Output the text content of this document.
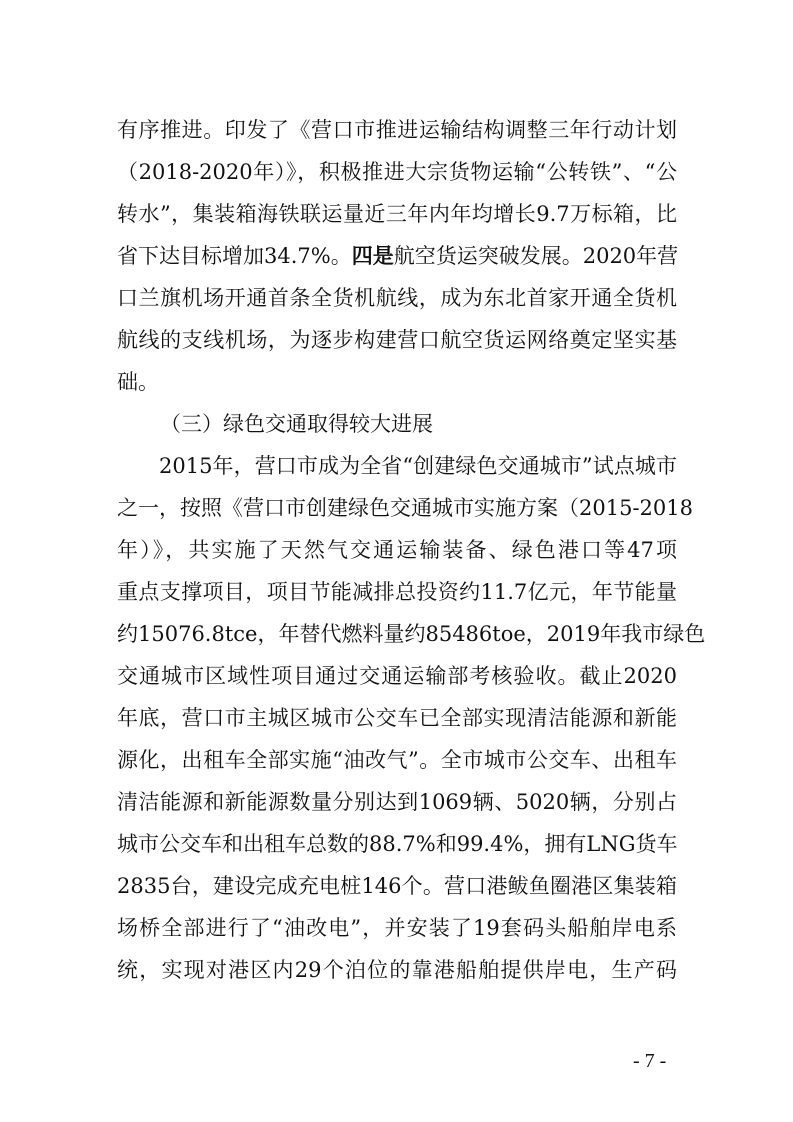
有序推进。印发了《营口市推进运输结构调整三年行动计划
（2018-2020年）》，积极推进大宗货物运输“公转铁”、“公
转水”，集装箱海铁联运量近三年内年均增长9.7万标箱，比
省下达目标增加34.7%。四是航空货运突破发展。2020年营
口兰旗机场开通首条全货机航线，成为东北首家开通全货机
航线的支线机场，为逐步构建营口航空货运网络奠定坚实基
础。
（三）绿色交通取得较大进展
2015年，营口市成为全省“创建绿色交通城市”试点城市
之一，按照《营口市创建绿色交通城市实施方案（2015-2018
年）》，共实施了天然气交通运输装备、绿色港口等47项
重点支撑项目，项目节能减排总投资约11.7亿元，年节能量
约15076.8tce，年替代燃料量约85486toe，2019年我市绿色
交通城市区域性项目通过交通运输部考核验收。截止2020
年底，营口市主城区城市公交车已全部实现清洁能源和新能
源化，出租车全部实施“油改气”。全市城市公交车、出租车
清洁能源和新能源数量分别达到1069辆、5020辆，分别占
城市公交车和出租车总数的88.7%和99.4%，拥有LNG货车
2835台，建设完成充电桩146个。营口港鲅鱼圈港区集装箱
场桥全部进行了“油改电”，并安装了19套码头船舶岸电系
统，实现对港区内29个泊位的靠港船舶提供岸电，生产码
- 7 -
